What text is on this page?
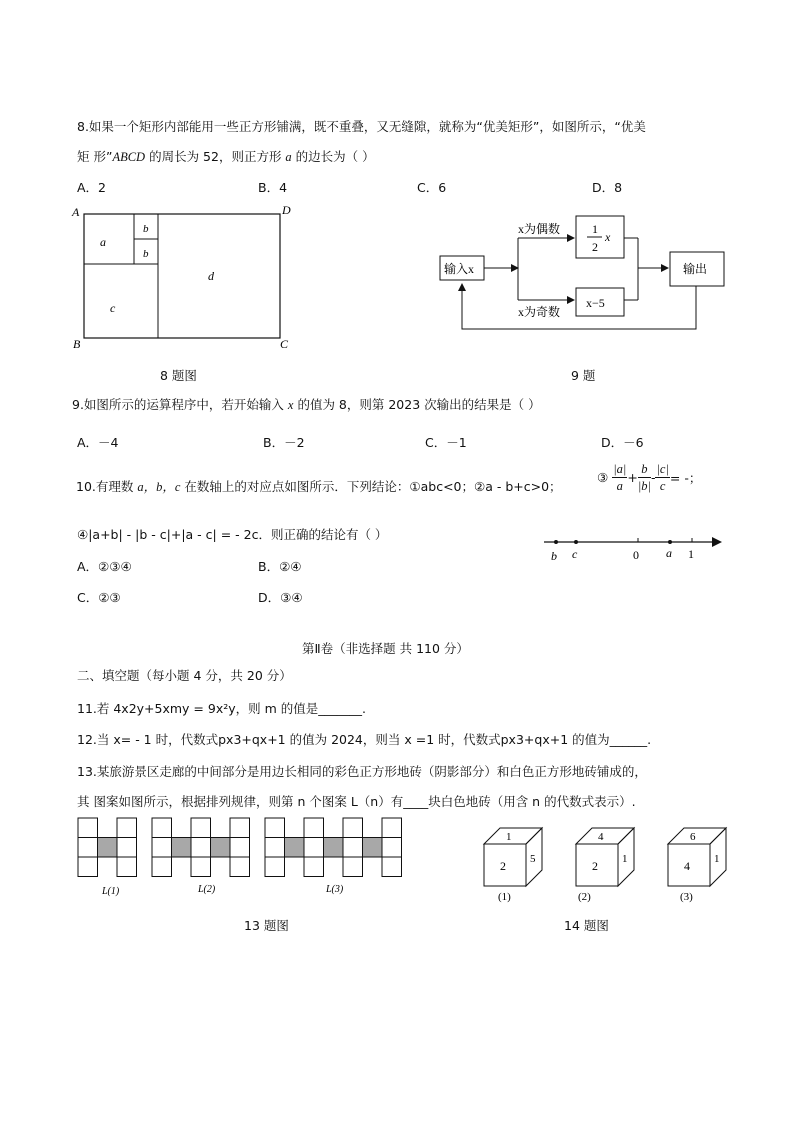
8.如果一个矩形内部能用一些正方形铺满，既不重叠，又无缝隙，就称为“优美矩形”，如图所示，“优美
矩 形”ABCD 的周长为 52，则正方形 a 的边长为（ ）
A．2	B．4	C．6	D．8
A	D
B	C
a
b
b
c
d
8 题图
输入x
x为偶数
x为奇数
1
2
x
x−5
输出
9 题
9.如图所示的运算程序中，若开始输入 x 的值为 8，则第 2023 次输出的结果是（ ）
A．－4	B．－2	C．－1	D．－6
10.有理数 a，b，c 在数轴上的对应点如图所示．下列结论：①abc<0；②a - b+c>0；
③ $\frac{|a|}{a} + \frac{b}{|b|} - \frac{|c|}{c}$ = -；
④|a+b| - |b - c|+|a - c| = - 2c．则正确的结论有（ ）
A．②③④	B．②④
C．②③	D．③④
b c	0 a 1
第Ⅱ卷（非选择题 共 110 分）
二、填空题（每小题 4 分，共 20 分）
11.若 4x2y+5xmy = 9x²y，则 m 的值是_______.
12.当 x= - 1 时，代数式px3+qx+1 的值为 2024，则当 x =1 时，代数式px3+qx+1 的值为______.
13.某旅游景区走廊的中间部分是用边长相同的彩色正方形地砖（阴影部分）和白色正方形地砖铺成的，
其 图案如图所示，根据排列规律，则第 n 个图案 L（n）有____块白色地砖（用含 n 的代数式表示）.
L(1)	L(2)	L(3)
13 题图
1
2 5
(1)
4
2 1
(2)
6
4 1
(3)
14 题图
